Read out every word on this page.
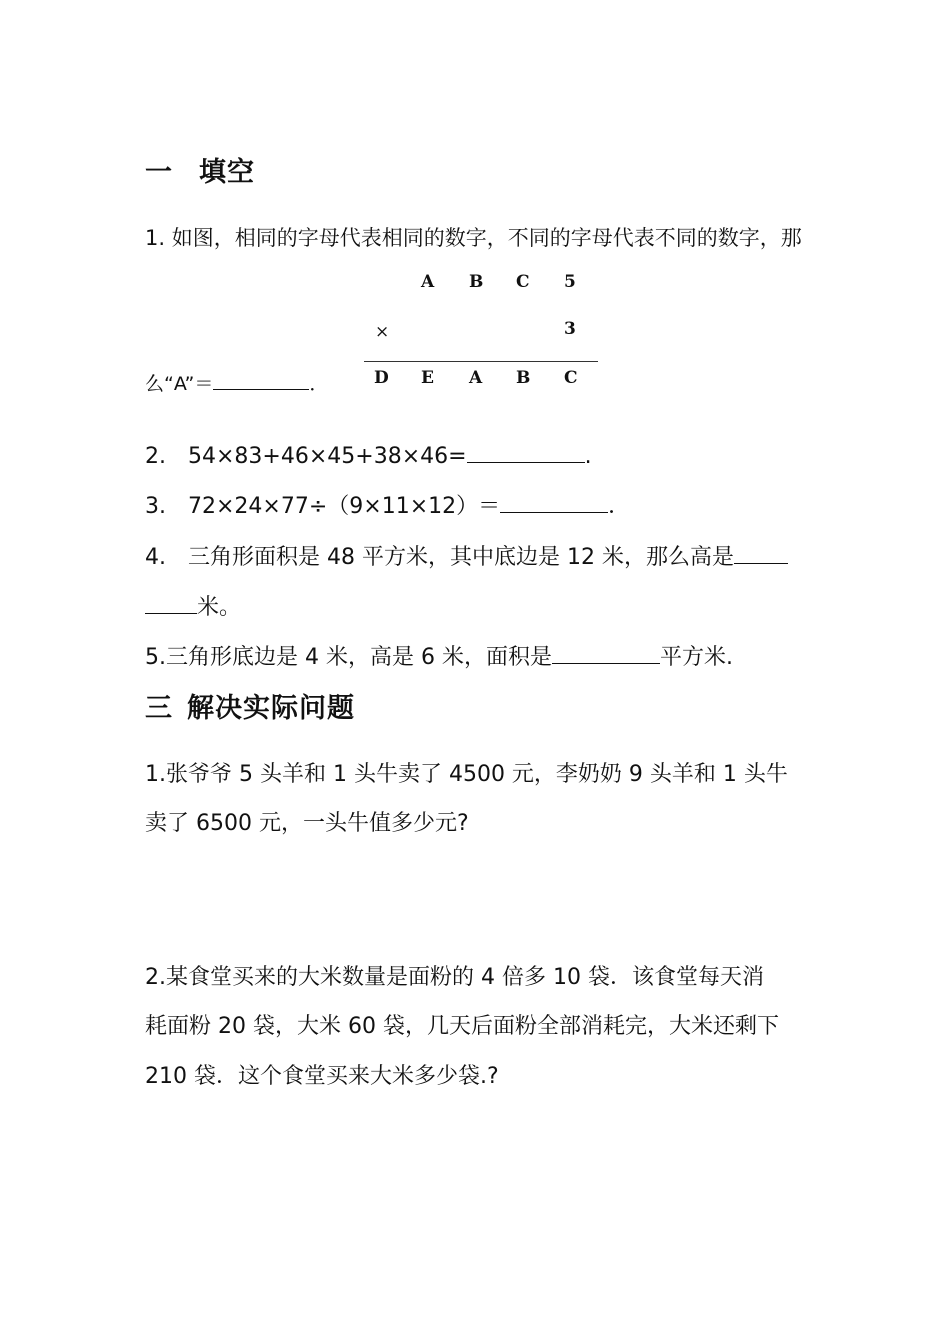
一 填空
1. 如图，相同的字母代表相同的数字，不同的字母代表不同的数字，那
A B C 5
×	3
D E A B C
么“A”＝	．
2.　54×83+46×45+38×46=	.
3.　72×24×77÷（9×11×12）＝	．
4.　三角形面积是 48 平方米，其中底边是 12 米，那么高是
米。
5.三角形底边是 4 米，高是 6 米，面积是	平方米.
三 解决实际问题
1.张爷爷 5 头羊和 1 头牛卖了 4500 元，李奶奶 9 头羊和 1 头牛
卖了 6500 元，一头牛值多少元?
2.某食堂买来的大米数量是面粉的 4 倍多 10 袋．该食堂每天消
耗面粉 20 袋，大米 60 袋，几天后面粉全部消耗完，大米还剩下
210 袋．这个食堂买来大米多少袋.?
